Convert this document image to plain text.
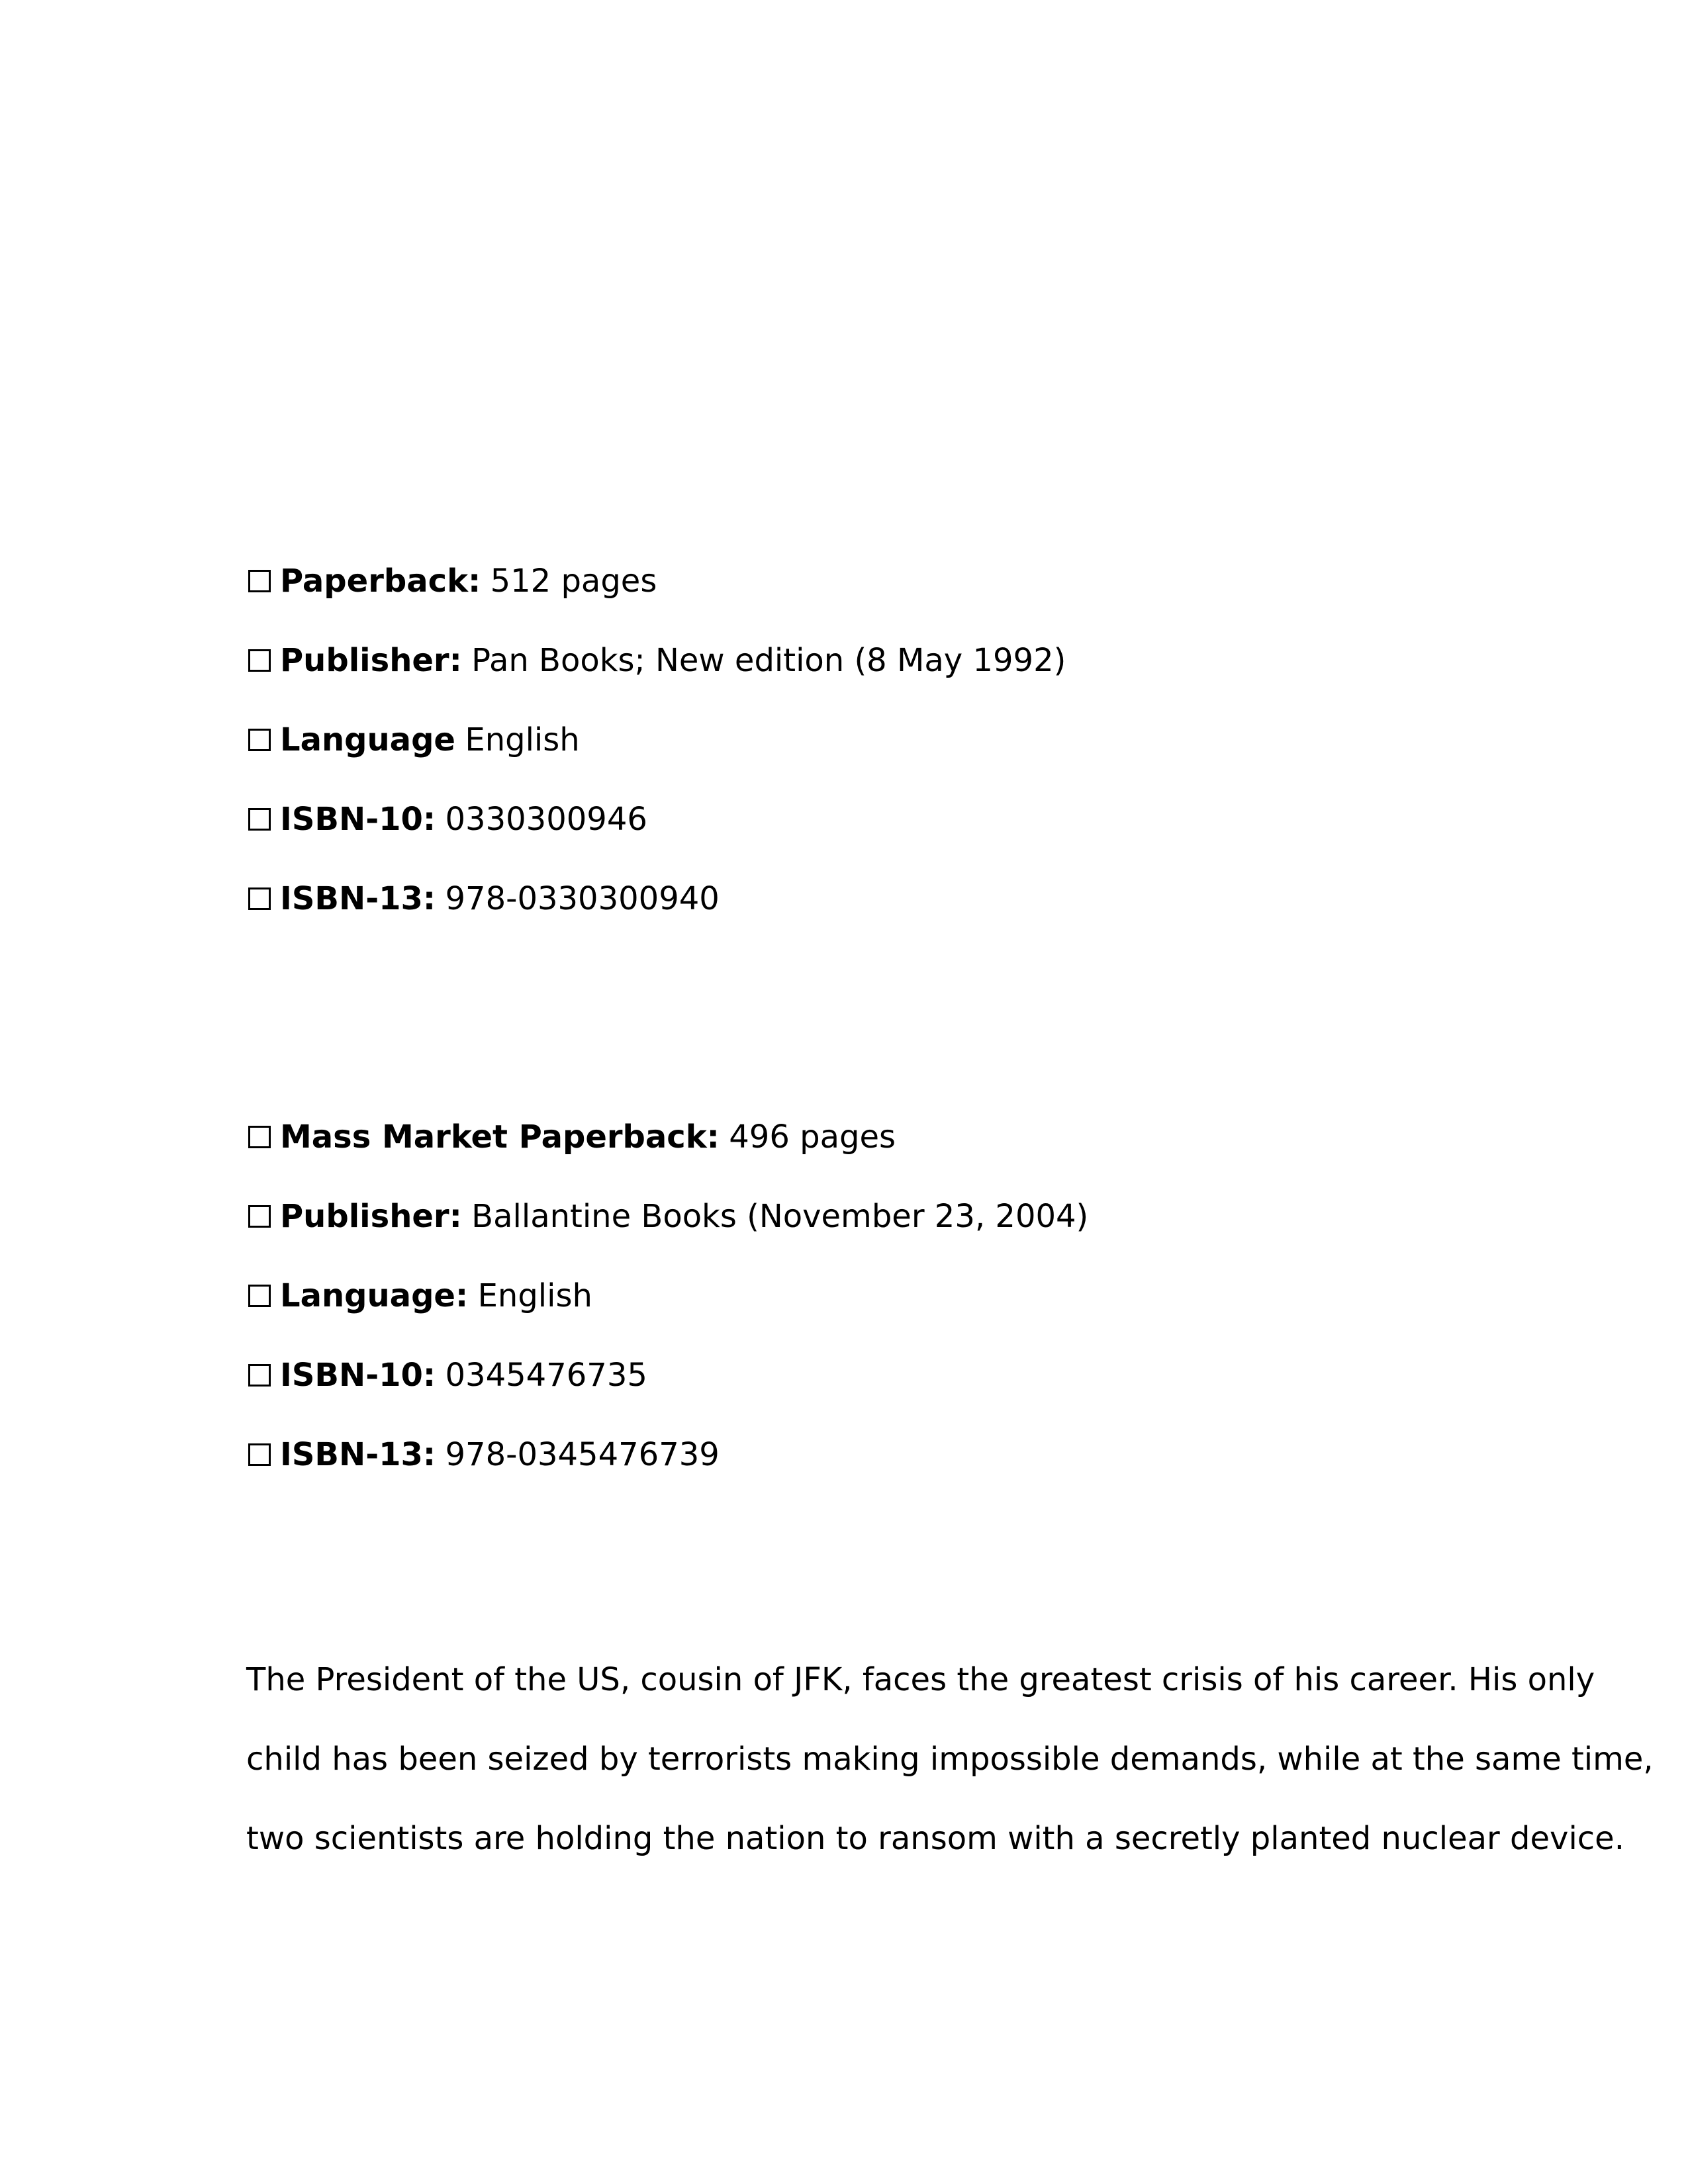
Paperback: 512 pages
Publisher: Pan Books; New edition (8 May 1992)
Language English
ISBN-10: 0330300946
ISBN-13: 978-0330300940
Mass Market Paperback: 496 pages
Publisher: Ballantine Books (November 23, 2004)
Language: English
ISBN-10: 0345476735
ISBN-13: 978-0345476739

The President of the US, cousin of JFK, faces the greatest crisis of his career. His only
child has been seized by terrorists making impossible demands, while at the same time,
two scientists are holding the nation to ransom with a secretly planted nuclear device.
